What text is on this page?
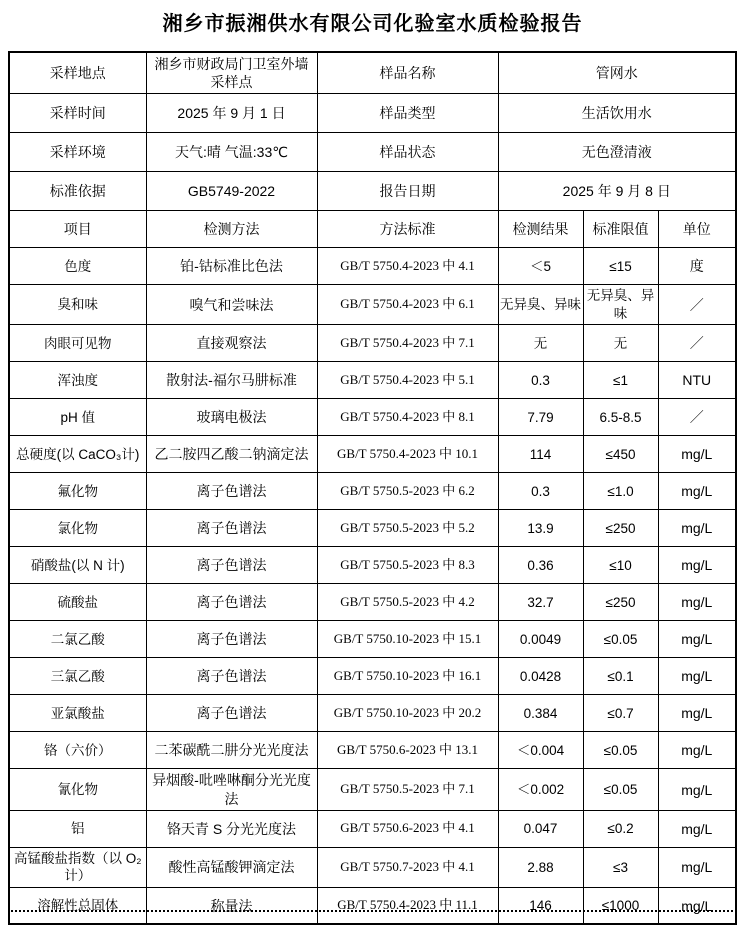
湘乡市振湘供水有限公司化验室水质检验报告
采样地点	湘乡市财政局门卫室外墙采样点	样品名称	管网水		
采样时间	2025 年 9 月 1 日	样品类型	生活饮用水		
采样环境	天气:晴 气温:33℃	样品状态	无色澄清液		
标准依据	GB5749-2022	报告日期	2025 年 9 月 8 日		
项目	检测方法	方法标准	检测结果	标准限值	单位
色度	铂-钴标准比色法	GB/T 5750.4-2023 中 4.1	＜5	≤15	度
臭和味	嗅气和尝味法	GB/T 5750.4-2023 中 6.1	无异臭、异味	无异臭、异味	／
肉眼可见物	直接观察法	GB/T 5750.4-2023 中 7.1	无	无	／
浑浊度	散射法-福尔马肼标准	GB/T 5750.4-2023 中 5.1	0.3	≤1	NTU
pH 值	玻璃电极法	GB/T 5750.4-2023 中 8.1	7.79	6.5-8.5	／
总硬度(以 CaCO₃计)	乙二胺四乙酸二钠滴定法	GB/T 5750.4-2023 中 10.1	114	≤450	mg/L
氟化物	离子色谱法	GB/T 5750.5-2023 中 6.2	0.3	≤1.0	mg/L
氯化物	离子色谱法	GB/T 5750.5-2023 中 5.2	13.9	≤250	mg/L
硝酸盐(以 N 计)	离子色谱法	GB/T 5750.5-2023 中 8.3	0.36	≤10	mg/L
硫酸盐	离子色谱法	GB/T 5750.5-2023 中 4.2	32.7	≤250	mg/L
二氯乙酸	离子色谱法	GB/T 5750.10-2023 中 15.1	0.0049	≤0.05	mg/L
三氯乙酸	离子色谱法	GB/T 5750.10-2023 中 16.1	0.0428	≤0.1	mg/L
亚氯酸盐	离子色谱法	GB/T 5750.10-2023 中 20.2	0.384	≤0.7	mg/L
铬（六价）	二苯碳酰二肼分光光度法	GB/T 5750.6-2023 中 13.1	＜0.004	≤0.05	mg/L
氰化物	异烟酸-吡唑啉酮分光光度法	GB/T 5750.5-2023 中 7.1	＜0.002	≤0.05	mg/L
铝	铬天青 S 分光光度法	GB/T 5750.6-2023 中 4.1	0.047	≤0.2	mg/L
高锰酸盐指数（以 O₂计）	酸性高锰酸钾滴定法	GB/T 5750.7-2023 中 4.1	2.88	≤3	mg/L
溶解性总固体	称量法	GB/T 5750.4-2023 中 11.1	146	≤1000	mg/L
